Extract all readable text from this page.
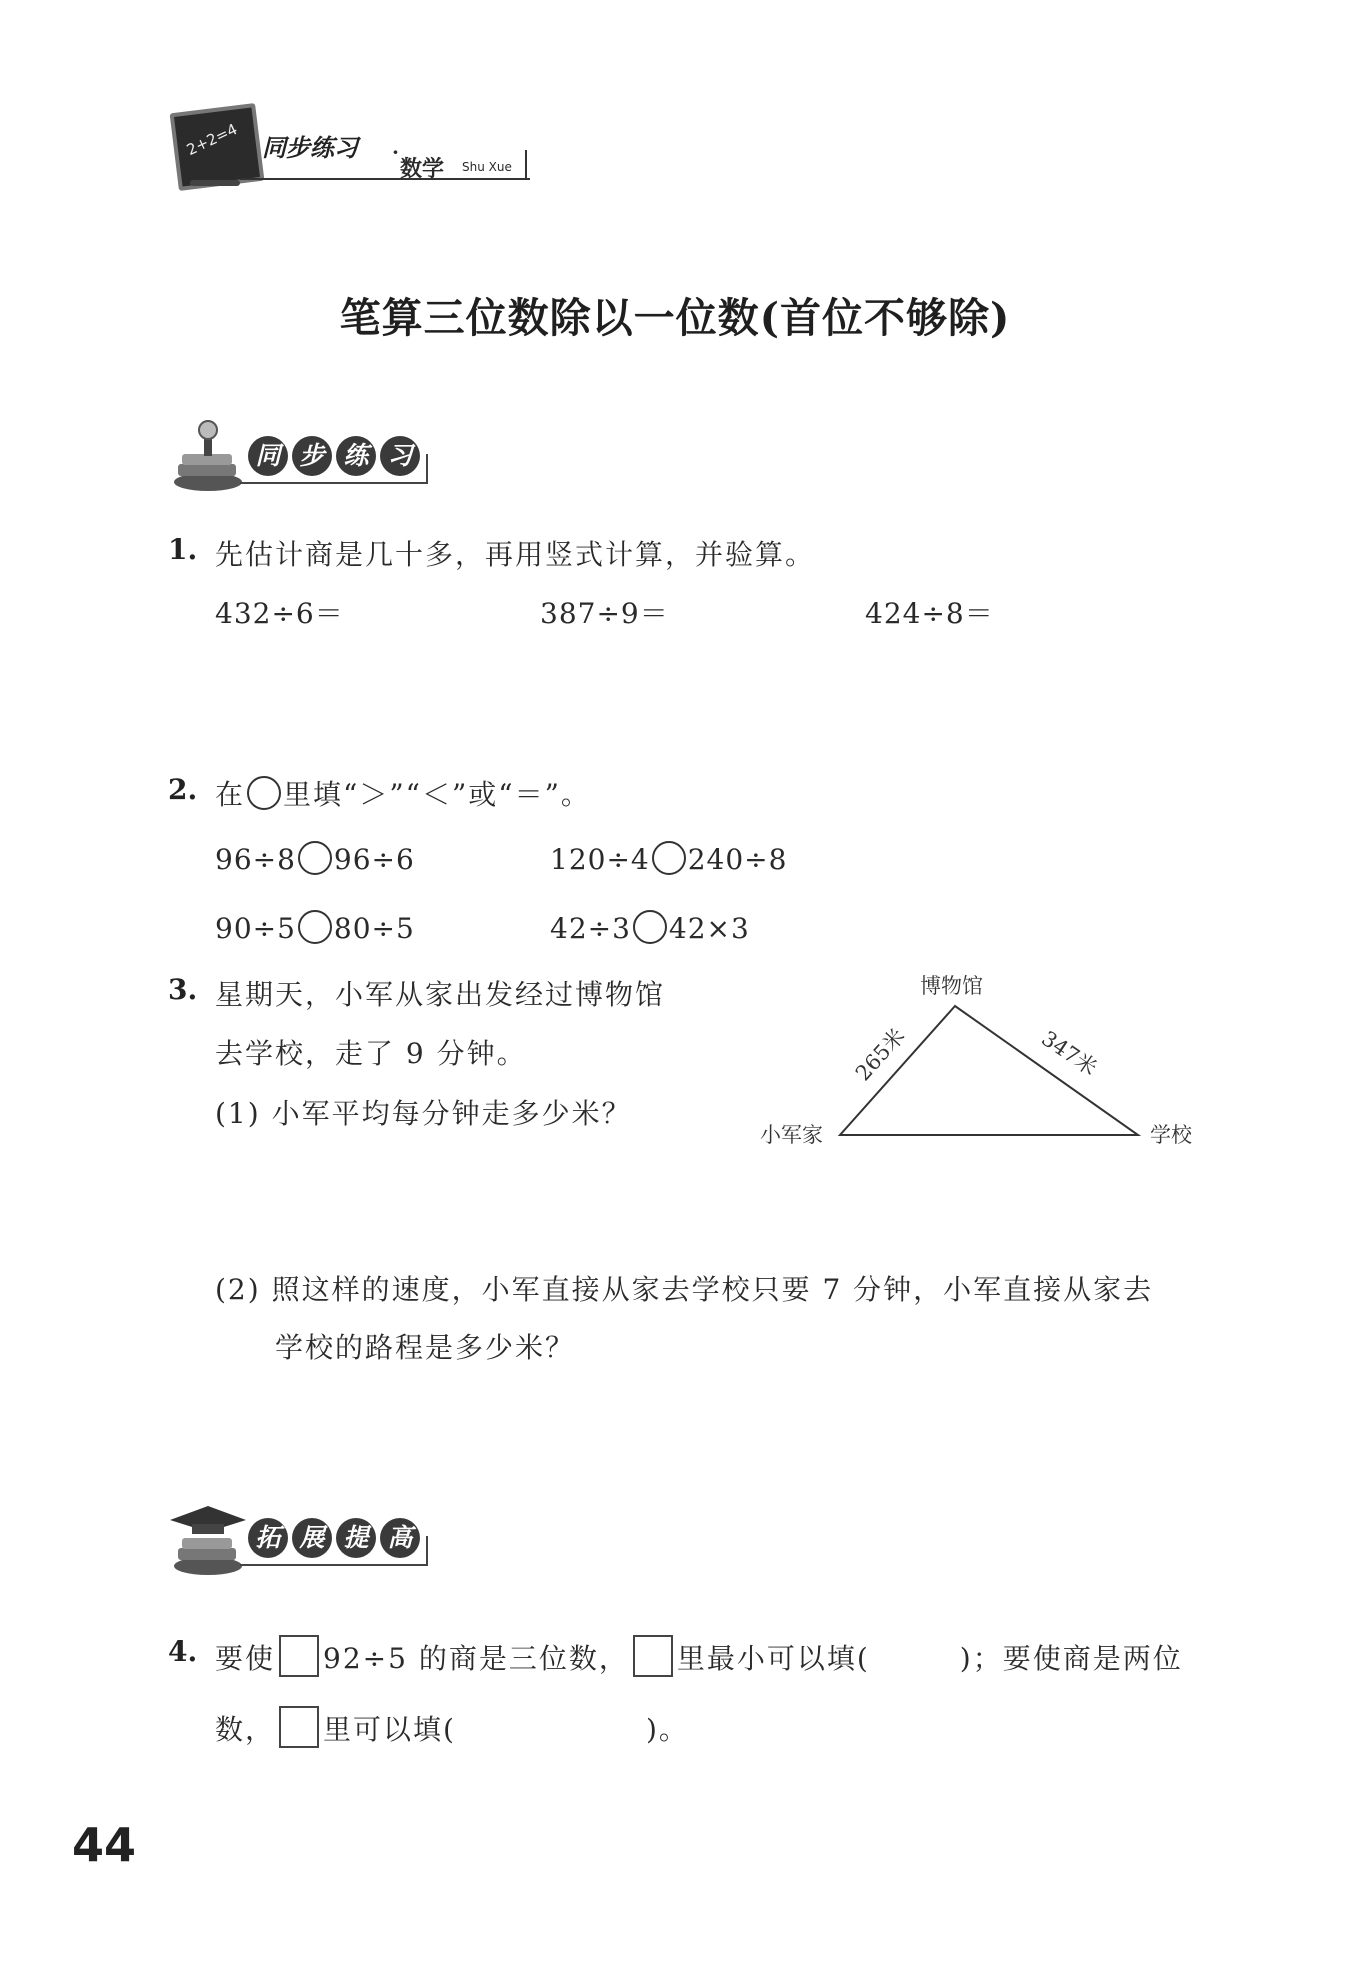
2+2=4 同步练习 ·
数学 Shu Xue
笔算三位数除以一位数(首位不够除)
同 步 练 习
1. 先估计商是几十多，再用竖式计算，并验算。
432÷6＝	387÷9＝	424÷8＝
2. 在 里填“＞”“＜”或“＝”。
96÷8 96÷6	120÷4 240÷8
90÷5 80÷5	42÷3 42×3
3. 星期天，小军从家出发经过博物馆
去学校，走了 9 分钟。
(1) 小军平均每分钟走多少米？
(2) 照这样的速度，小军直接从家去学校只要 7 分钟，小军直接从家去
学校的路程是多少米？
博物馆
小军家	学校
265米	347米
拓 展 提 高
4. 要使 92÷5 的商是三位数， 里最小可以填(	)；要使商是两位
数， 里可以填(	)。
44
